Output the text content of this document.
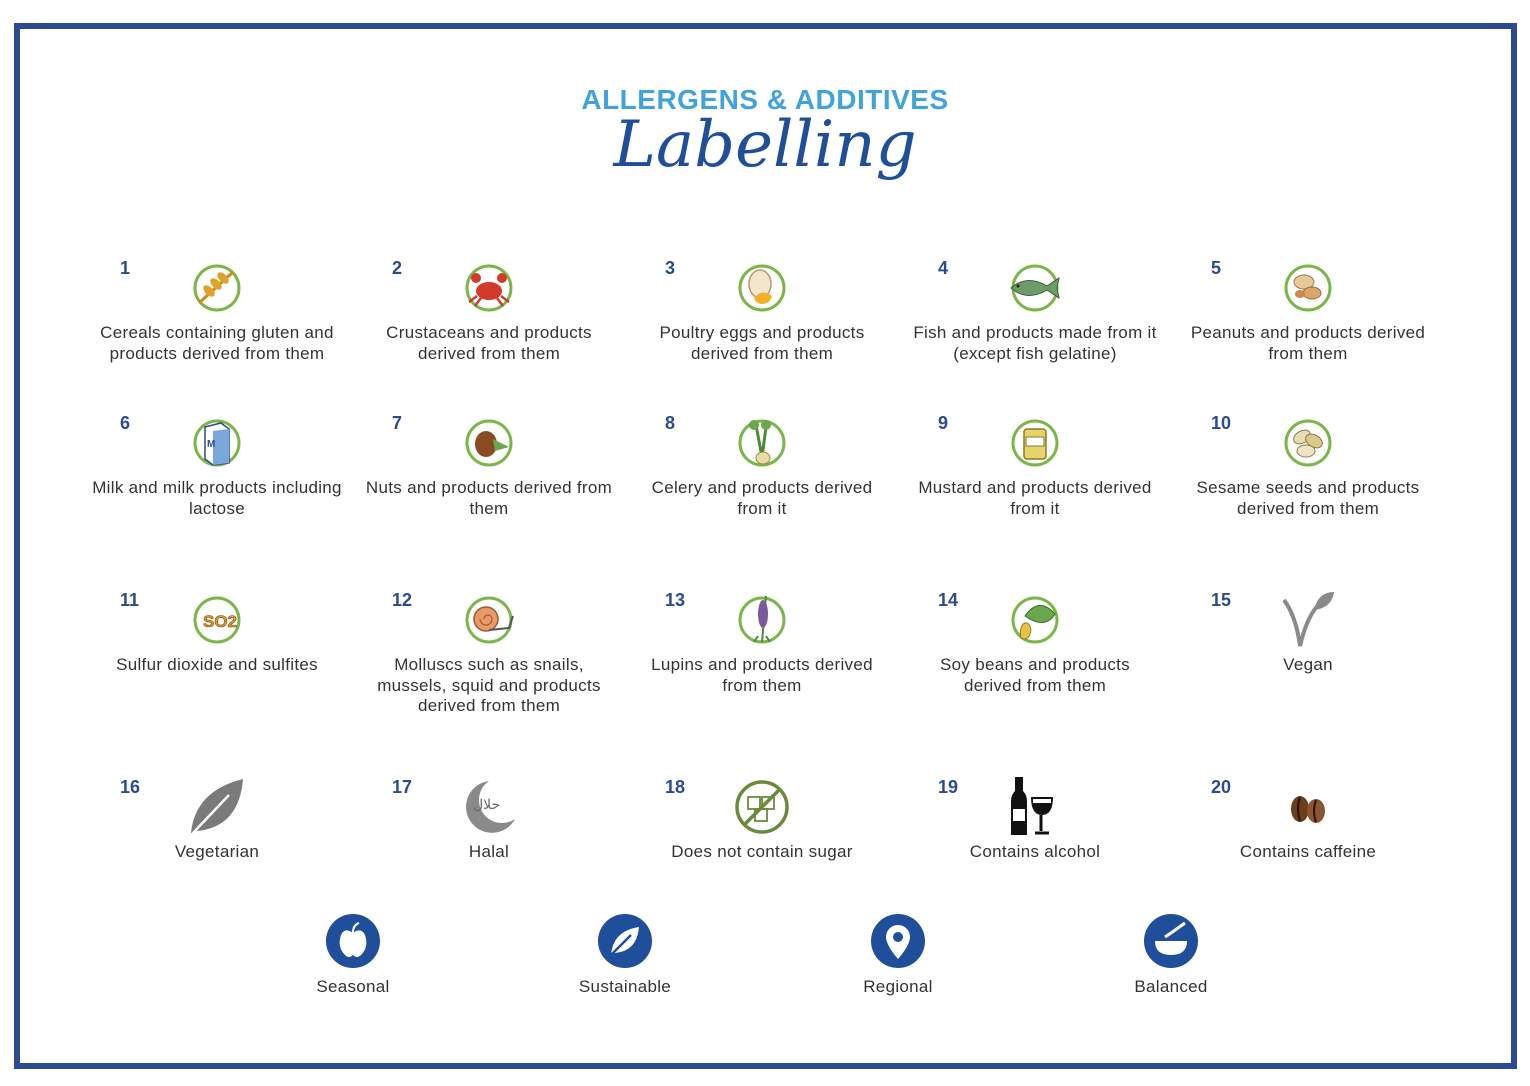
ALLERGENS & ADDITIVES
Labelling
1
Cereals containing gluten and products derived from them
2
Crustaceans and products derived from them
3
Poultry eggs and products derived from them
4
Fish and products made from it (except fish gelatine)
5
Peanuts and products derived from them
6
M
Milk and milk products including lactose
7
Nuts and products derived from them
8
Celery and products derived from it
9
Mustard and products derived from it
10
Sesame seeds and products derived from them
11
SO2
Sulfur dioxide and sulfites
12
Molluscs such as snails, mussels, squid and products derived from them
13
Lupins and products derived from them
14
Soy beans and products derived from them
15
Vegan
16
Vegetarian
17
حلال
Halal
18
Does not contain sugar
19
Contains alcohol
20
Contains caffeine
Seasonal	Sustainable	Regional	Balanced
